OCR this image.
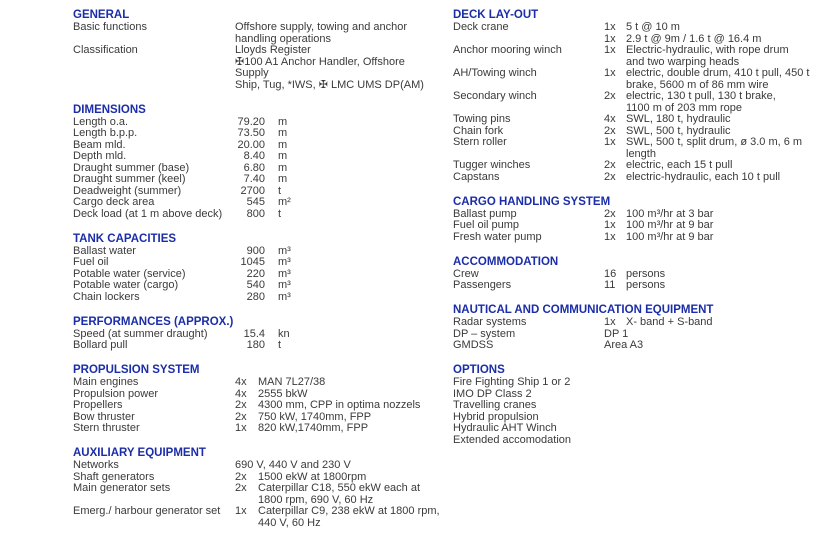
GENERAL
Basic functions	Offshore supply, towing and anchor
handling operations
Classification	Lloyds Register
✠100 A1 Anchor Handler, Offshore Supply
Ship, Tug, *IWS, ✠ LMC UMS DP(AM)
DIMENSIONS
Length o.a.	79.20 m
Length b.p.p.	73.50 m
Beam mld.	20.00 m
Depth mld.	8.40 m
Draught summer (base)	6.80 m
Draught summer (keel)	7.40 m
Deadweight (summer)	2700 t
Cargo deck area	545 m²
Deck load (at 1 m above deck)	800 t
TANK CAPACITIES
Ballast water	900 m³
Fuel oil	1045 m³
Potable water (service)	220 m³
Potable water (cargo)	540 m³
Chain lockers	280 m³
PERFORMANCES (APPROX.)
Speed (at summer draught)	15.4 kn
Bollard pull	180 t
PROPULSION SYSTEM
Main engines	4x	MAN 7L27/38
Propulsion power	4x	2555 bkW
Propellers	2x	4300 mm, CPP in optima nozzels
Bow thruster	2x	750 kW, 1740mm, FPP
Stern thruster	1x	820 kW,1740mm, FPP
AUXILIARY EQUIPMENT
Networks	690 V, 440 V and 230 V
Shaft generators	2x	1500 ekW at 1800rpm
Main generator sets	2x	Caterpillar C18, 550 ekW each at
1800 rpm, 690 V, 60 Hz
Emerg./ harbour generator set	1x	Caterpillar C9, 238 ekW at 1800 rpm,
440 V, 60 Hz
DECK LAY-OUT
Deck crane	1x 5 t @ 10 m
1x 2.9 t @ 9m / 1.6 t @ 16.4 m
Anchor mooring winch	1x Electric-hydraulic, with rope drum
and two warping heads
AH/Towing winch	1x electric, double drum, 410 t pull, 450 t
brake, 5600 m of 86 mm wire
Secondary winch	2x electric, 130 t pull, 130 t brake,
1100 m of 203 mm rope
Towing pins	4x SWL, 180 t, hydraulic
Chain fork	2x SWL, 500 t, hydraulic
Stern roller	1x SWL, 500 t, split drum, ø 3.0 m, 6 m
length
Tugger winches	2x electric, each 15 t pull
Capstans	2x electric-hydraulic, each 10 t pull
CARGO HANDLING SYSTEM
Ballast pump	2x 100 m³/hr at 3 bar
Fuel oil pump	1x 100 m³/hr at 9 bar
Fresh water pump	1x 100 m³/hr at 9 bar
ACCOMMODATION
Crew	16 persons
Passengers	11 persons
NAUTICAL AND COMMUNICATION EQUIPMENT
Radar systems	1x X- band + S-band
DP – system	DP 1
GMDSS	Area A3
OPTIONS
Fire Fighting Ship 1 or 2
IMO DP Class 2
Travelling cranes
Hybrid propulsion
Hydraulic AHT Winch
Extended accomodation
